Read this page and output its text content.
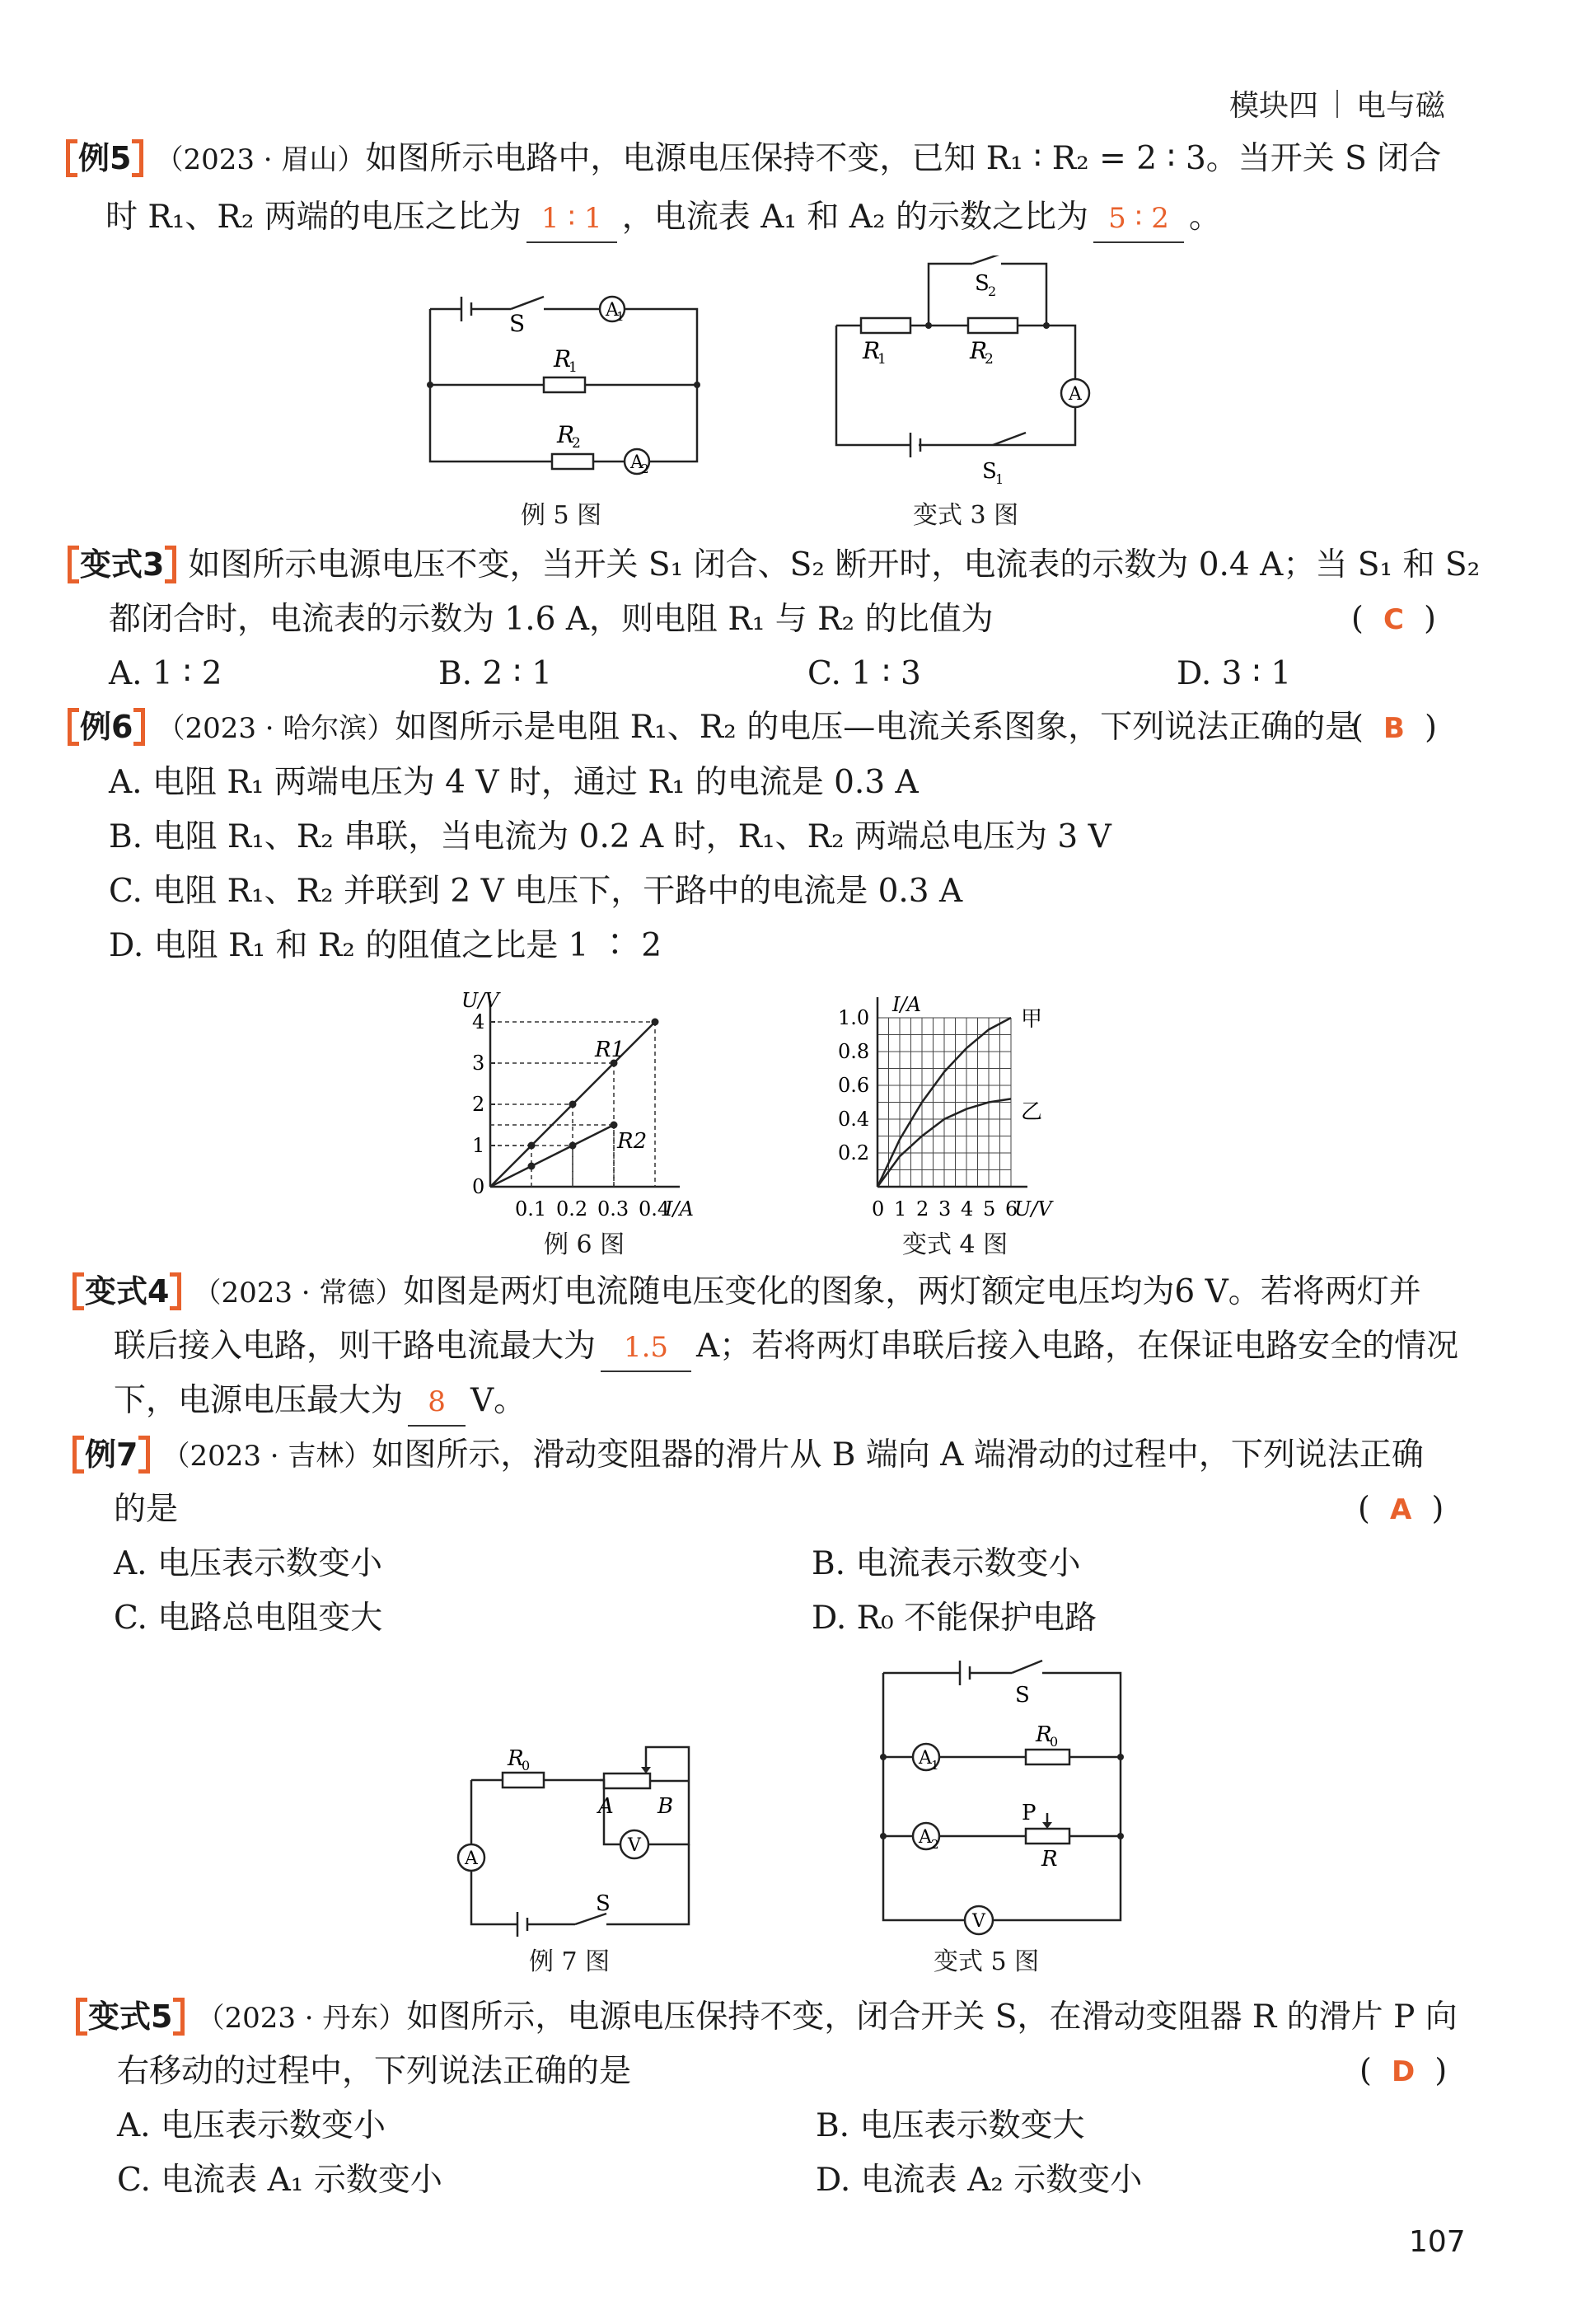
模块四 电与磁
例5 （2023 · 眉山）如图所示电路中，电源电压保持不变，已知 R₁ ∶ R₂ = 2 ∶ 3。当开关 S 闭合
时 R₁、R₂ 两端的电压之比为 1 ∶ 1 ，电流表 A₁ 和 A₂ 的示数之比为 5 ∶ 2 。
S	A
1
R
1
R
2
A
2
例 5 图
S
2
R
1	R
2
A
S
1
变式 3 图
变式3 如图所示电源电压不变，当开关 S₁ 闭合、S₂ 断开时，电流表的示数为 0.4 A；当 S₁ 和 S₂
都闭合时，电流表的示数为 1.6 A，则电阻 R₁ 与 R₂ 的比值为	(  C  )
A. 1 ∶ 2	B. 2 ∶ 1	C. 1 ∶ 3	D. 3 ∶ 1
例6 （2023 · 哈尔滨）如图所示是电阻 R₁、R₂ 的电压—电流关系图象，下列说法正确的是
(  B  )
A. 电阻 R₁ 两端电压为 4 V 时，通过 R₁ 的电流是 0.3 A
B. 电阻 R₁、R₂ 串联，当电流为 0.2 A 时，R₁、R₂ 两端总电压为 3 V
C. 电阻 R₁、R₂ 并联到 2 V 电压下，干路中的电流是 0.3 A
D. 电阻 R₁ 和 R₂ 的阻值之比是 1 ∶ 2
U/V
I/A
0
1
2
3
4
0.1 0.2 0.3 0.4
R1
R2
例 6 图
I/A
U/V
0.2
0.4
0.6
0.8
1.0
0 1 2 3 4 5 6
甲
乙
变式 4 图
变式4 （2023 · 常德）如图是两灯电流随电压变化的图象，两灯额定电压均为6 V。若将两灯并
联后接入电路，则干路电流最大为 1.5 A；若将两灯串联后接入电路，在保证电路安全的情况
下，电源电压最大为 8 V。
例7 （2023 · 吉林）如图所示，滑动变阻器的滑片从 B 端向 A 端滑动的过程中，下列说法正确
的是	(  A  )
A. 电压表示数变小	B. 电流表示数变小
C. 电路总电阻变大	D. R₀ 不能保护电路
R
0
A B
A
V
S
例 7 图
S
A 1
R
0
A 2
P
R
V
变式 5 图
变式5 （2023 · 丹东）如图所示，电源电压保持不变，闭合开关 S，在滑动变阻器 R 的滑片 P 向
右移动的过程中，下列说法正确的是	(  D  )
A. 电压表示数变小	B. 电压表示数变大
C. 电流表 A₁ 示数变小	D. 电流表 A₂ 示数变小
107
